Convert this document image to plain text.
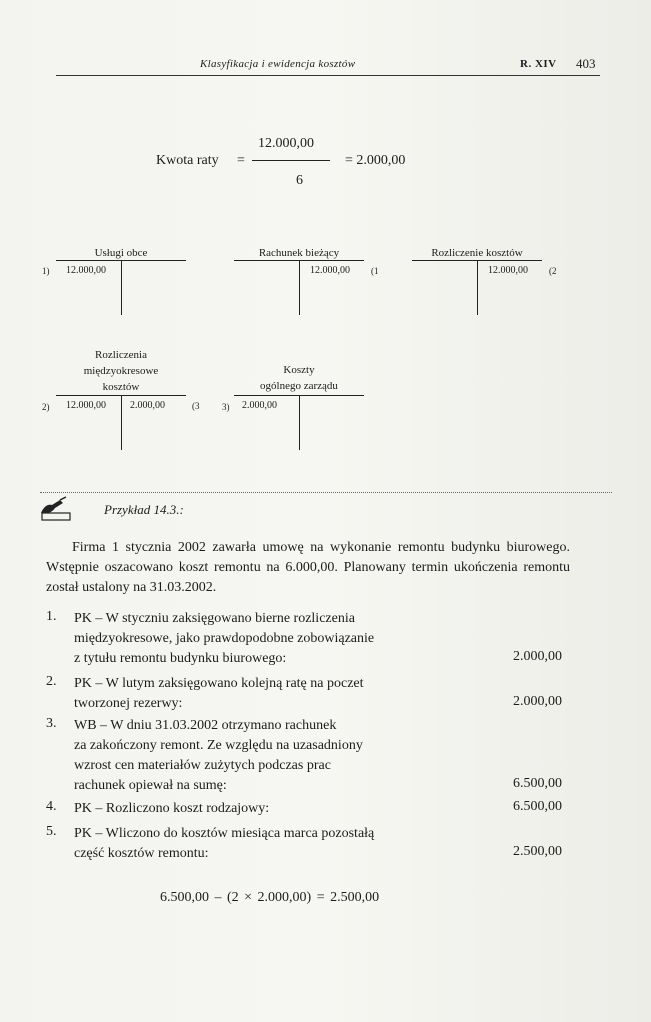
Klasyfikacja i ewidencja kosztów	R. XIV 403
Kwota raty =
12.000,00
6
= 2.000,00
Usługi obce
1) 12.000,00
Rachunek bieżący
12.000,00 (1
Rozliczenie kosztów
12.000,00 (2
Rozliczenia
międzyokresowe
kosztów
2) 12.000,00 2.000,00	(3
Koszty
ogólnego zarządu
3) 2.000,00
Przykład 14.3.:
Firma 1 stycznia 2002 zawarła umowę na wykonanie remontu budynku biurowego. Wstępnie oszacowano koszt remontu na 6.000,00. Planowany termin ukończenia remontu został ustalony na 31.03.2002.
1. PK – W styczniu zaksięgowano bierne rozliczenia
międzyokresowe, jako prawdopodobne zobowiązanie
z tytułu remontu budynku biurowego:	2.000,00
2. PK – W lutym zaksięgowano kolejną ratę na poczet
tworzonej rezerwy:	2.000,00
3. WB – W dniu 31.03.2002 otrzymano rachunek
za zakończony remont. Ze względu na uzasadniony
wzrost cen materiałów zużytych podczas prac
rachunek opiewał na sumę:	6.500,00
4. PK – Rozliczono koszt rodzajowy:	6.500,00
5. PK – Wliczono do kosztów miesiąca marca pozostałą
część kosztów remontu:	2.500,00
6.500,00 – (2 × 2.000,00) = 2.500,00
